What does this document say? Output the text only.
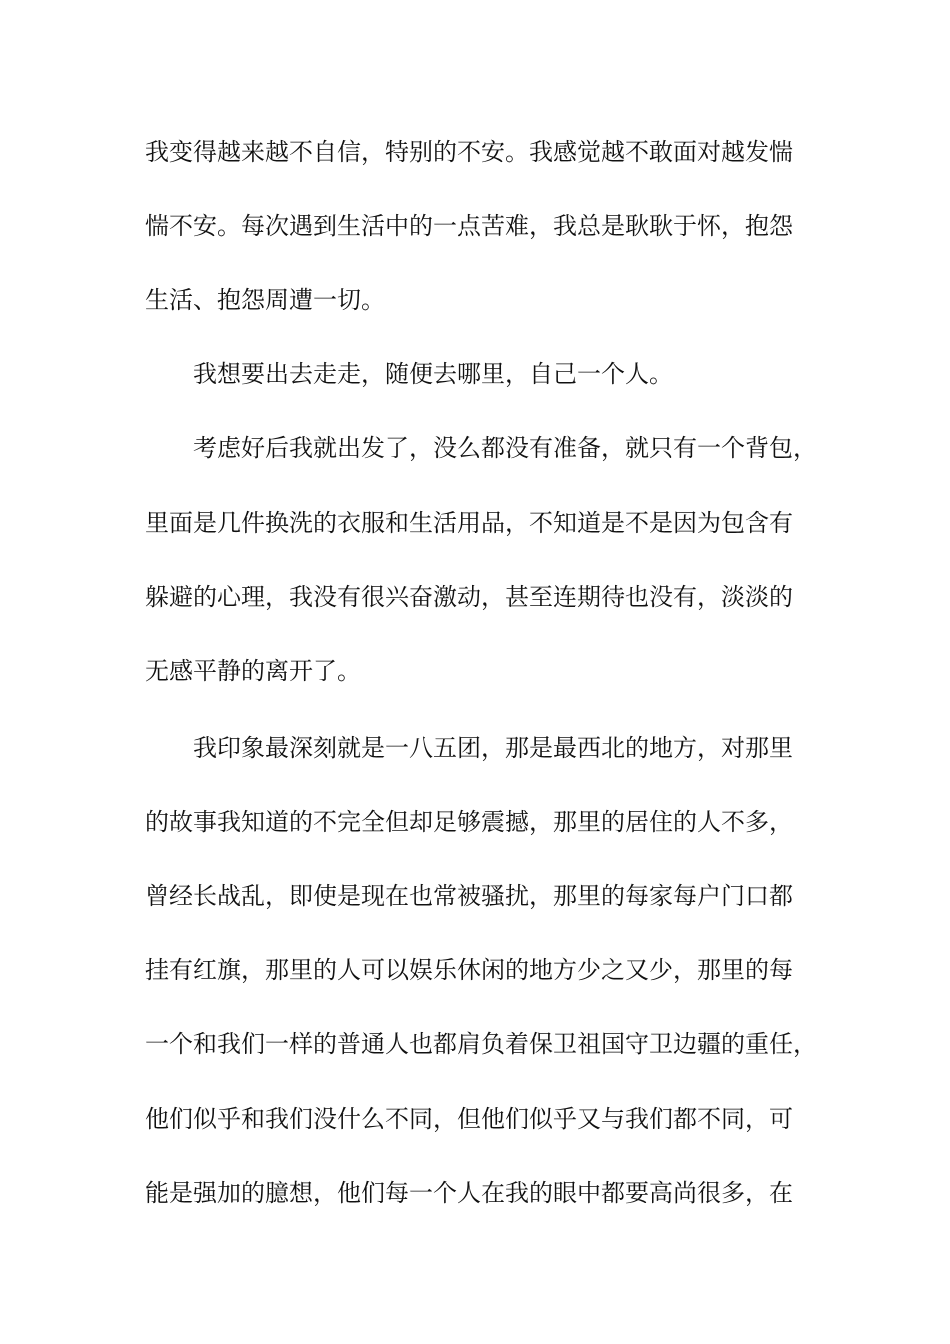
我变得越来越不自信，特别的不安。我感觉越不敢面对越发惴
惴不安。每次遇到生活中的一点苦难，我总是耿耿于怀，抱怨
生活、抱怨周遭一切。
我想要出去走走，随便去哪里，自己一个人。
考虑好后我就出发了，没么都没有准备，就只有一个背包，
里面是几件换洗的衣服和生活用品，不知道是不是因为包含有
躲避的心理，我没有很兴奋激动，甚至连期待也没有，淡淡的
无感平静的离开了。
我印象最深刻就是一八五团，那是最西北的地方，对那里
的故事我知道的不完全但却足够震撼，那里的居住的人不多，
曾经长战乱，即使是现在也常被骚扰，那里的每家每户门口都
挂有红旗，那里的人可以娱乐休闲的地方少之又少，那里的每
一个和我们一样的普通人也都肩负着保卫祖国守卫边疆的重任，
他们似乎和我们没什么不同，但他们似乎又与我们都不同，可
能是强加的臆想，他们每一个人在我的眼中都要高尚很多，在
